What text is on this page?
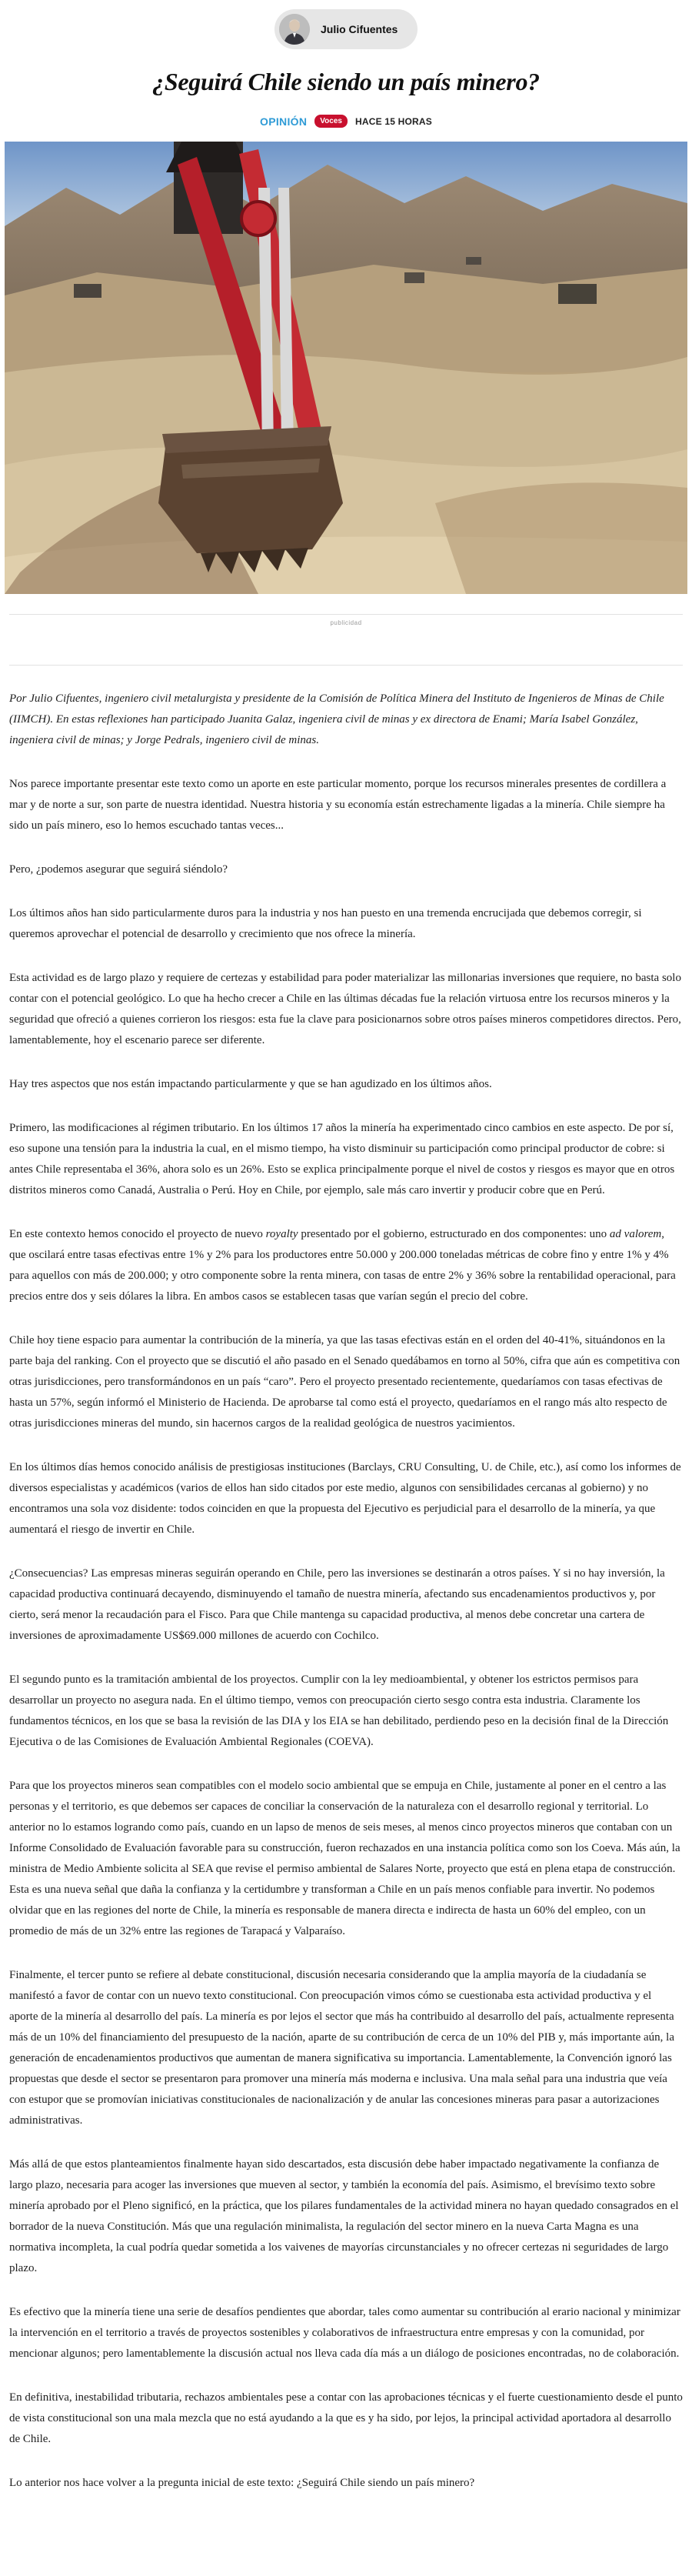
Julio Cifuentes
¿Seguirá Chile siendo un país minero?
OPINIÓN	Voces	HACE 15 HORAS
publicidad

Por Julio Cifuentes, ingeniero civil metalurgista y presidente de la Comisión de Política Minera del Instituto de Ingenieros de Minas de Chile (IIMCH). En estas reflexiones han participado Juanita Galaz, ingeniera civil de minas y ex directora de Enami; María Isabel González, ingeniera civil de minas; y Jorge Pedrals, ingeniero civil de minas.

Nos parece importante presentar este texto como un aporte en este particular momento, porque los recursos minerales presentes de cordillera a mar y de norte a sur, son parte de nuestra identidad. Nuestra historia y su economía están estrechamente ligadas a la minería. Chile siempre ha sido un país minero, eso lo hemos escuchado tantas veces...

Pero, ¿podemos asegurar que seguirá siéndolo?

Los últimos años han sido particularmente duros para la industria y nos han puesto en una tremenda encrucijada que debemos corregir, si queremos aprovechar el potencial de desarrollo y crecimiento que nos ofrece la minería.

Esta actividad es de largo plazo y requiere de certezas y estabilidad para poder materializar las millonarias inversiones que requiere, no basta solo contar con el potencial geológico. Lo que ha hecho crecer a Chile en las últimas décadas fue la relación virtuosa entre los recursos mineros y la seguridad que ofreció a quienes corrieron los riesgos: esta fue la clave para posicionarnos sobre otros países mineros competidores directos. Pero, lamentablemente, hoy el escenario parece ser diferente.

Hay tres aspectos que nos están impactando particularmente y que se han agudizado en los últimos años.

Primero, las modificaciones al régimen tributario. En los últimos 17 años la minería ha experimentado cinco cambios en este aspecto. De por sí, eso supone una tensión para la industria la cual, en el mismo tiempo, ha visto disminuir su participación como principal productor de cobre: si antes Chile representaba el 36%, ahora solo es un 26%. Esto se explica principalmente porque el nivel de costos y riesgos es mayor que en otros distritos mineros como Canadá, Australia o Perú. Hoy en Chile, por ejemplo, sale más caro invertir y producir cobre que en Perú.

En este contexto hemos conocido el proyecto de nuevo royalty presentado por el gobierno, estructurado en dos componentes: uno ad valorem, que oscilará entre tasas efectivas entre 1% y 2% para los productores entre 50.000 y 200.000 toneladas métricas de cobre fino y entre 1% y 4% para aquellos con más de 200.000; y otro componente sobre la renta minera, con tasas de entre 2% y 36% sobre la rentabilidad operacional, para precios entre dos y seis dólares la libra. En ambos casos se establecen tasas que varían según el precio del cobre.

Chile hoy tiene espacio para aumentar la contribución de la minería, ya que las tasas efectivas están en el orden del 40-41%, situándonos en la parte baja del ranking. Con el proyecto que se discutió el año pasado en el Senado quedábamos en torno al 50%, cifra que aún es competitiva con otras jurisdicciones, pero transformándonos en un país “caro”. Pero el proyecto presentado recientemente, quedaríamos con tasas efectivas de hasta un 57%, según informó el Ministerio de Hacienda. De aprobarse tal como está el proyecto, quedaríamos en el rango más alto respecto de otras jurisdicciones mineras del mundo, sin hacernos cargos de la realidad geológica de nuestros yacimientos.

En los últimos días hemos conocido análisis de prestigiosas instituciones (Barclays, CRU Consulting, U. de Chile, etc.), así como los informes de diversos especialistas y académicos (varios de ellos han sido citados por este medio, algunos con sensibilidades cercanas al gobierno) y no encontramos una sola voz disidente: todos coinciden en que la propuesta del Ejecutivo es perjudicial para el desarrollo de la minería, ya que aumentará el riesgo de invertir en Chile.

¿Consecuencias? Las empresas mineras seguirán operando en Chile, pero las inversiones se destinarán a otros países. Y si no hay inversión, la capacidad productiva continuará decayendo, disminuyendo el tamaño de nuestra minería, afectando sus encadenamientos productivos y, por cierto, será menor la recaudación para el Fisco. Para que Chile mantenga su capacidad productiva, al menos debe concretar una cartera de inversiones de aproximadamente US$69.000 millones de acuerdo con Cochilco.

El segundo punto es la tramitación ambiental de los proyectos. Cumplir con la ley medioambiental, y obtener los estrictos permisos para desarrollar un proyecto no asegura nada. En el último tiempo, vemos con preocupación cierto sesgo contra esta industria. Claramente los fundamentos técnicos, en los que se basa la revisión de las DIA y los EIA se han debilitado, perdiendo peso en la decisión final de la Dirección Ejecutiva o de las Comisiones de Evaluación Ambiental Regionales (COEVA).

Para que los proyectos mineros sean compatibles con el modelo socio ambiental que se empuja en Chile, justamente al poner en el centro a las personas y el territorio, es que debemos ser capaces de conciliar la conservación de la naturaleza con el desarrollo regional y territorial. Lo anterior no lo estamos logrando como país, cuando en un lapso de menos de seis meses, al menos cinco proyectos mineros que contaban con un Informe Consolidado de Evaluación favorable para su construcción, fueron rechazados en una instancia política como son los Coeva. Más aún, la ministra de Medio Ambiente solicita al SEA que revise el permiso ambiental de Salares Norte, proyecto que está en plena etapa de construcción. Esta es una nueva señal que daña la confianza y la certidumbre y transforman a Chile en un país menos confiable para invertir. No podemos olvidar que en las regiones del norte de Chile, la minería es responsable de manera directa e indirecta de hasta un 60% del empleo, con un promedio de más de un 32% entre las regiones de Tarapacá y Valparaíso.

Finalmente, el tercer punto se refiere al debate constitucional, discusión necesaria considerando que la amplia mayoría de la ciudadanía se manifestó a favor de contar con un nuevo texto constitucional. Con preocupación vimos cómo se cuestionaba esta actividad productiva y el aporte de la minería al desarrollo del país. La minería es por lejos el sector que más ha contribuido al desarrollo del país, actualmente representa más de un 10% del financiamiento del presupuesto de la nación, aparte de su contribución de cerca de un 10% del PIB y, más importante aún, la generación de encadenamientos productivos que aumentan de manera significativa su importancia. Lamentablemente, la Convención ignoró las propuestas que desde el sector se presentaron para promover una minería más moderna e inclusiva. Una mala señal para una industria que veía con estupor que se promovían iniciativas constitucionales de nacionalización y de anular las concesiones mineras para pasar a autorizaciones administrativas.

Más allá de que estos planteamientos finalmente hayan sido descartados, esta discusión debe haber impactado negativamente la confianza de largo plazo, necesaria para acoger las inversiones que mueven al sector, y también la economía del país. Asimismo, el brevísimo texto sobre minería aprobado por el Pleno significó, en la práctica, que los pilares fundamentales de la actividad minera no hayan quedado consagrados en el borrador de la nueva Constitución. Más que una regulación minimalista, la regulación del sector minero en la nueva Carta Magna es una normativa incompleta, la cual podría quedar sometida a los vaivenes de mayorías circunstanciales y no ofrecer certezas ni seguridades de largo plazo.

Es efectivo que la minería tiene una serie de desafíos pendientes que abordar, tales como aumentar su contribución al erario nacional y minimizar la intervención en el territorio a través de proyectos sostenibles y colaborativos de infraestructura entre empresas y con la comunidad, por mencionar algunos; pero lamentablemente la discusión actual nos lleva cada día más a un diálogo de posiciones encontradas, no de colaboración.

En definitiva, inestabilidad tributaria, rechazos ambientales pese a contar con las aprobaciones técnicas y el fuerte cuestionamiento desde el punto de vista constitucional son una mala mezcla que no está ayudando a la que es y ha sido, por lejos, la principal actividad aportadora al desarrollo de Chile.

Lo anterior nos hace volver a la pregunta inicial de este texto: ¿Seguirá Chile siendo un país minero?
